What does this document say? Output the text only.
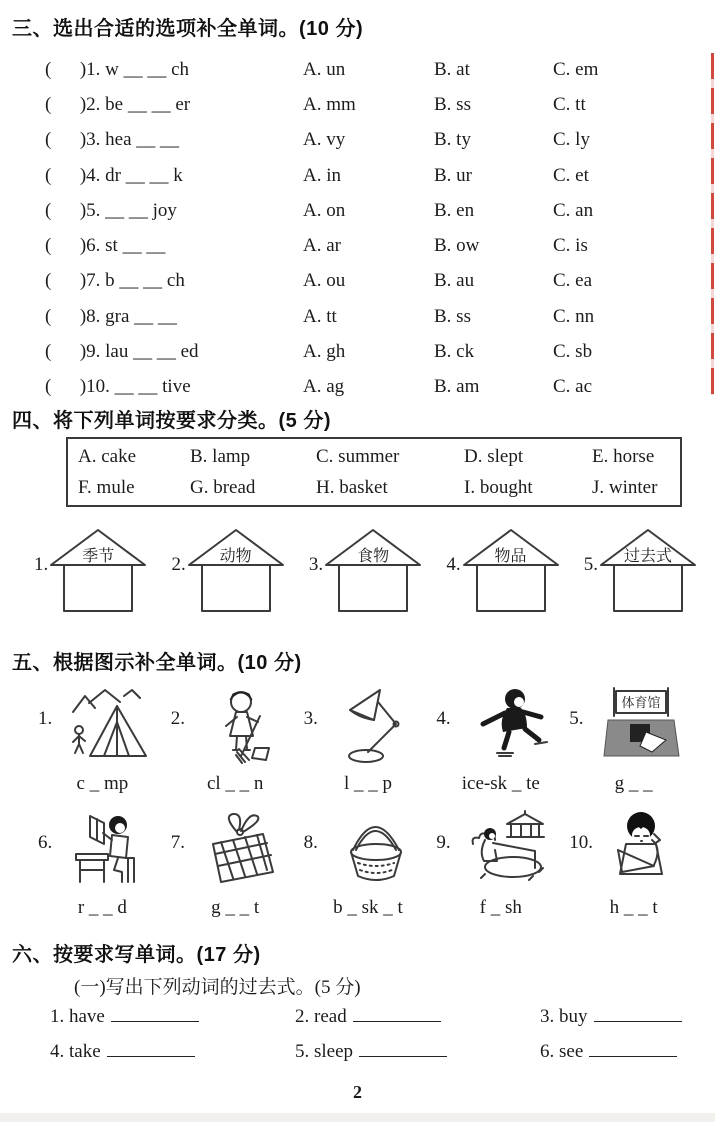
三、选出合适的选项补全单词。(10 分)
(      )1. w __ __ ch	A. un	B. at	C. em
(      )2. be __ __ er	A. mm	B. ss	C. tt
(      )3. hea __ __	A. vy	B. ty	C. ly
(      )4. dr __ __ k	A. in	B. ur	C. et
(      )5. __ __ joy	A. on	B. en	C. an
(      )6. st __ __	A. ar	B. ow	C. is
(      )7. b __ __ ch	A. ou	B. au	C. ea
(      )8. gra __ __	A. tt	B. ss	C. nn
(      )9. lau __ __ ed	A. gh	B. ck	C. sb
(      )10. __ __ tive	A. ag	B. am	C. ac
四、将下列单词按要求分类。(5 分)
A. cake	B. lamp	C. summer	D. slept	E. horse
F. mule	G. bread	H. basket	I. bought	J. winter
1.	季节	2.	动物	3.	食物	4.	物品	5.	过去式
五、根据图示补全单词。(10 分)
1.
c _ mp
2.
cl _ _ n
3.
l _ _ p
4.
ice-sk _ te
5.
体育馆
g _ _
6.
r _ _ d
7.
g _ _ t
8.
b _ sk _ t
9.
f _ sh
10.
h _ _ t
六、按要求写单词。(17 分)
(一)写出下列动词的过去式。(5 分)
1. have	2. read	3. buy
4. take	5. sleep	6. see
2
